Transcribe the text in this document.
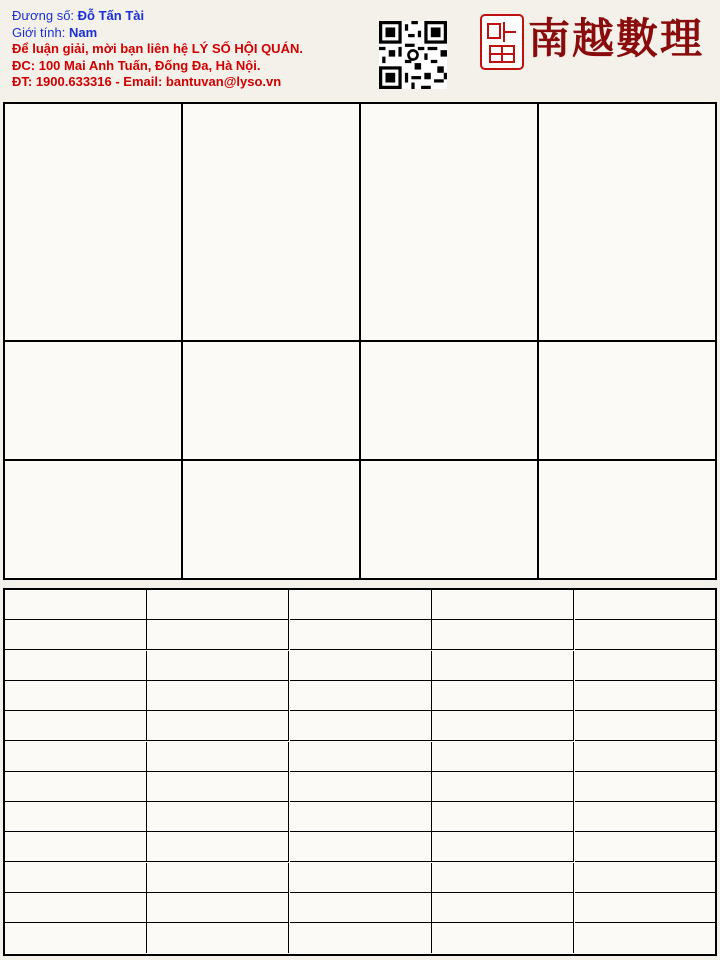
Đương số: Đỗ Tấn Tài
Giới tính: Nam
Để luận giải, mời bạn liên hệ LÝ SỐ HỘI QUÁN.
ĐC: 100 Mai Anh Tuấn, Đống Đa, Hà Nội.
ĐT: 1900.633316 - Email: bantuvan@lyso.vn
南越數理
